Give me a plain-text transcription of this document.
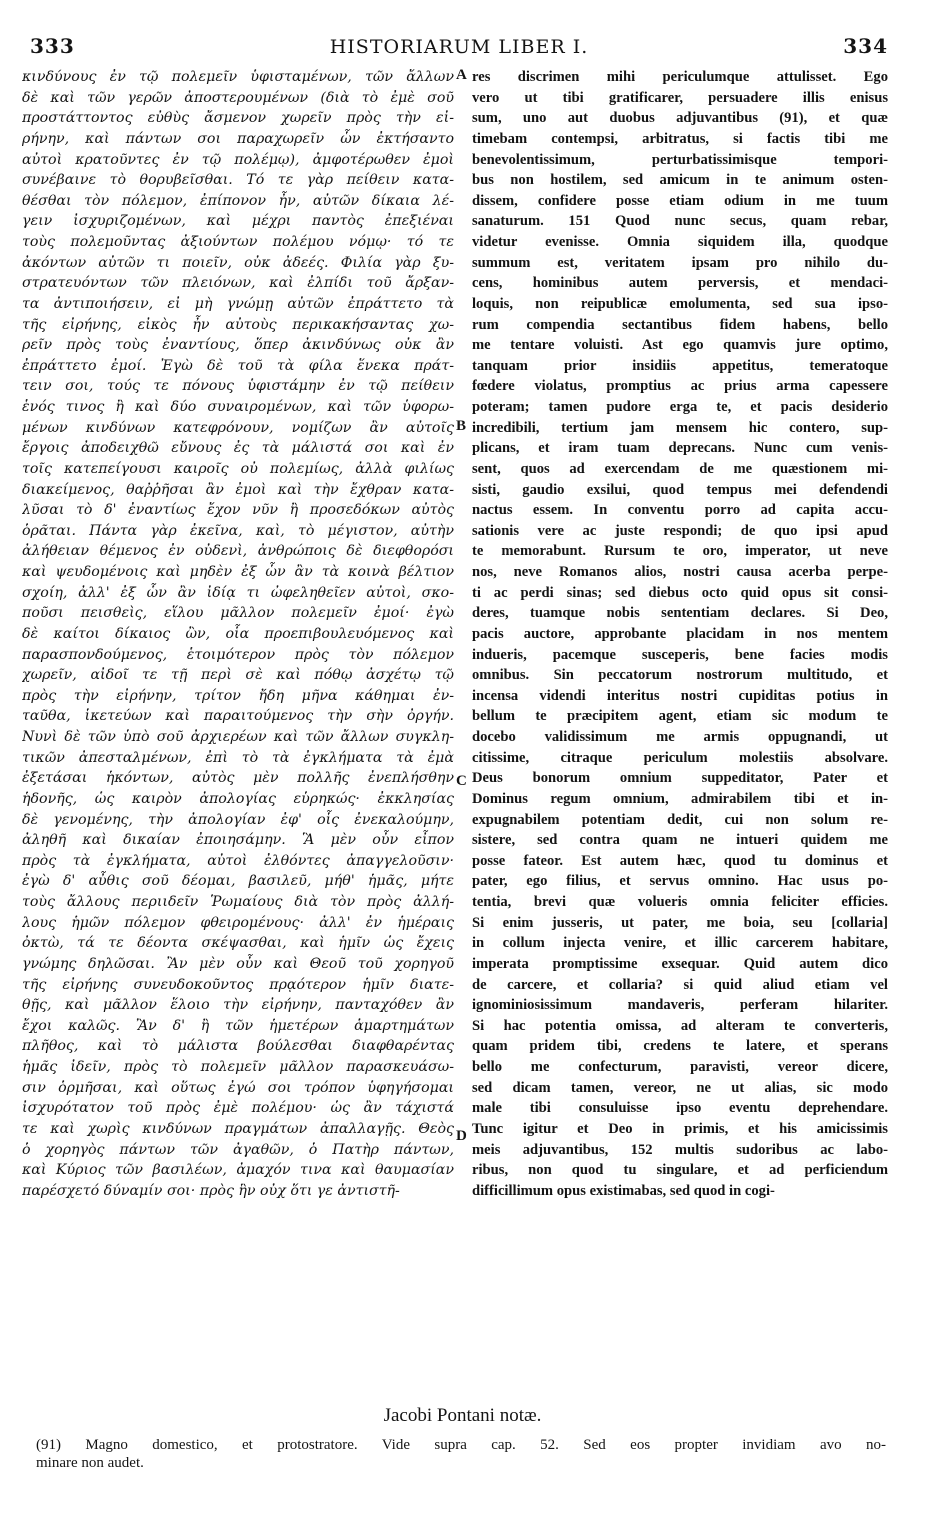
333	HISTORIARUM LIBER I.	334
κινδύνους ἐν τῷ πολεμεῖν ὑφισταμένων, τῶν ἄλλων
δὲ καὶ τῶν γερῶν ἀποστερουμένων (διὰ τὸ ἐμὲ σοῦ
προστάττοντος εὐθὺς ἄσμενον χωρεῖν πρὸς τὴν εἰ-
ρήνην, καὶ πάντων σοι παραχωρεῖν ὧν ἐκτήσαντο
αὐτοὶ κρατοῦντες ἐν τῷ πολέμῳ), ἀμφοτέρωθεν ἐμοὶ
συνέβαινε τὸ θορυβεῖσθαι. Τό τε γὰρ πείθειν κατα-
θέσθαι τὸν πόλεμον, ἐπίπονον ἦν, αὐτῶν δίκαια λέ-
γειν ἰσχυριζομένων, καὶ μέχρι παντὸς ἐπεξιέναι
τοὺς πολεμοῦντας ἀξιούντων πολέμου νόμῳ· τό τε
ἀκόντων αὐτῶν τι ποιεῖν, οὐκ ἀδεές. Φιλία γὰρ ξυ-
στρατευόντων τῶν πλειόνων, καὶ ἐλπίδι τοῦ ἄρξαν-
τα ἀντιποιήσειν, εἰ μὴ γνώμῃ αὐτῶν ἐπράττετο τὰ
τῆς εἰρήνης, εἰκὸς ἦν αὐτοὺς περικακήσαντας χω-
ρεῖν πρὸς τοὺς ἐναντίους, ὅπερ ἀκινδύνως οὐκ ἂν
ἐπράττετο ἐμοί. Ἐγὼ δὲ τοῦ τὰ φίλα ἕνεκα πράτ-
τειν σοι, τούς τε πόνους ὑφιστάμην ἐν τῷ πείθειν
ἑνός τινος ἢ καὶ δύο συναιρομένων, καὶ τῶν ὑφορω-
μένων κινδύνων κατεφρόνουν, νομίζων ἂν αὐτοῖς
ἔργοις ἀποδειχθῶ εὔνους ἐς τὰ μάλιστά σοι καὶ ἐν
τοῖς κατεπείγουσι καιροῖς οὐ πολεμίως, ἀλλὰ φιλίως
διακείμενος, θαῤῥῆσαι ἂν ἐμοὶ καὶ τὴν ἔχθραν κατα-
λῦσαι τὸ δ' ἐναντίως ἔχον νῦν ἢ προσεδόκων αὐτὸς
ὁρᾶται. Πάντα γὰρ ἐκεῖνα, καὶ, τὸ μέγιστον, αὐτὴν
ἀλήθειαν θέμενος ἐν οὐδενὶ, ἀνθρώποις δὲ διεφθορόσι
καὶ ψευδομένοις καὶ μηδὲν ἐξ ὧν ἂν τὰ κοινὰ βέλτιον
σχοίη, ἀλλ' ἐξ ὧν ἂν ἰδίᾳ τι ὠφεληθεῖεν αὐτοὶ, σκο-
ποῦσι πεισθεὶς, εἵλου μᾶλλον πολεμεῖν ἐμοί· ἐγὼ
δὲ καίτοι δίκαιος ὢν, οἷα προεπιβουλευόμενος καὶ
παρασπονδούμενος, ἑτοιμότερον πρὸς τὸν πόλεμον
χωρεῖν, αἰδοῖ τε τῇ περὶ σὲ καὶ πόθῳ ἀσχέτῳ τῷ
πρὸς τὴν εἰρήνην, τρίτον ἤδη μῆνα κάθημαι ἐν-
ταῦθα, ἱκετεύων καὶ παραιτούμενος τὴν σὴν ὀργήν.
Νυνὶ δὲ τῶν ὑπὸ σοῦ ἀρχιερέων καὶ τῶν ἄλλων συγκλη-
τικῶν ἀπεσταλμένων, ἐπὶ τὸ τὰ ἐγκλήματα τὰ ἐμὰ
ἐξετάσαι ἡκόντων, αὐτὸς μὲν πολλῆς ἐνεπλήσθην
ἡδονῆς, ὡς καιρὸν ἀπολογίας εὑρηκώς· ἐκκλησίας
δὲ γενομένης, τὴν ἀπολογίαν ἐφ' οἷς ἐνεκαλούμην,
ἀληθῆ καὶ δικαίαν ἐποιησάμην. Ἃ μὲν οὖν εἶπον
πρὸς τὰ ἐγκλήματα, αὐτοὶ ἐλθόντες ἀπαγγελοῦσιν·
ἐγὼ δ' αὖθις σοῦ δέομαι, βασιλεῦ, μήθ' ἡμᾶς, μήτε
τοὺς ἄλλους περιιδεῖν Ῥωμαίους διὰ τὸν πρὸς ἀλλή-
λους ἡμῶν πόλεμον φθειρομένους· ἀλλ' ἐν ἡμέραις
ὀκτὼ, τά τε δέοντα σκέψασθαι, καὶ ἡμῖν ὡς ἔχεις
γνώμης δηλῶσαι. Ἂν μὲν οὖν καὶ Θεοῦ τοῦ χορηγοῦ
τῆς εἰρήνης συνευδοκοῦντος πρᾳότερον ἡμῖν διατε-
θῇς, καὶ μᾶλλον ἕλοιο τὴν εἰρήνην, πανταχόθεν ἂν
ἔχοι καλῶς. Ἂν δ' ἢ τῶν ἡμετέρων ἁμαρτημάτων
πλῆθος, καὶ τὸ μάλιστα βούλεσθαι διαφθαρέντας
ἡμᾶς ἰδεῖν, πρὸς τὸ πολεμεῖν μᾶλλον παρασκευάσω-
σιν ὁρμῆσαι, καὶ οὕτως ἐγώ σοι τρόπον ὑφηγήσομαι
ἰσχυρότατον τοῦ πρὸς ἐμὲ πολέμου· ὡς ἂν τάχιστά
τε καὶ χωρὶς κινδύνων πραγμάτων ἀπαλλαγῇς. Θεὸς
ὁ χορηγὸς πάντων τῶν ἀγαθῶν, ὁ Πατὴρ πάντων,
καὶ Κύριος τῶν βασιλέων, ἀμαχόν τινα καὶ θαυμασίαν
παρέσχετό δύναμίν σοι· πρὸς ἣν οὐχ ὅτι γε ἀντιστῆ-
res discrimen mihi periculumque attulisset. Ego
vero ut tibi gratificarer, persuadere illis enisus
sum, uno aut duobus adjuvantibus (91), et quæ
timebam contempsi, arbitratus, si factis tibi me
benevolentissimum, perturbatissimisque tempori-
bus non hostilem, sed amicum in te animum osten-
dissem, confidere posse etiam odium in me tuum
sanaturum. 151 Quod nunc secus, quam rebar,
videtur evenisse. Omnia siquidem illa, quodque
summum est, veritatem ipsam pro nihilo du-
cens, hominibus autem perversis, et mendaci-
loquis, non reipublicæ emolumenta, sed sua ipso-
rum compendia sectantibus fidem habens, bello
me tentare voluisti. Ast ego quamvis jure optimo,
tanquam prior insidiis appetitus, temeratoque
fœdere violatus, promptius ac prius arma capessere
poteram; tamen pudore erga te, et pacis desiderio
incredibili, tertium jam mensem hic contero, sup-
plicans, et iram tuam deprecans. Nunc cum venis-
sent, quos ad exercendam de me quæstionem mi-
sisti, gaudio exsilui, quod tempus mei defendendi
nactus essem. In conventu porro ad capita accu-
sationis vere ac juste respondi; de quo ipsi apud
te memorabunt. Rursum te oro, imperator, ut neve
nos, neve Romanos alios, nostri causa acerba perpe-
ti ac perdi sinas; sed diebus octo quid opus sit consi-
deres, tuamque nobis sententiam declares. Si Deo,
pacis auctore, approbante placidam in nos mentem
indueris, pacemque susceperis, bene facies modis
omnibus. Sin peccatorum nostrorum multitudo, et
incensa videndi interitus nostri cupiditas potius in
bellum te præcipitem agent, etiam sic modum te
docebo validissimum me armis oppugnandi, ut
citissime, citraque periculum molestiis absolvare.
Deus bonorum omnium suppeditator, Pater et
Dominus regum omnium, admirabilem tibi et in-
expugnabilem potentiam dedit, cui non solum re-
sistere, sed contra quam ne intueri quidem me
posse fateor. Est autem hæc, quod tu dominus et
pater, ego filius, et servus omnino. Hac usus po-
tentia, brevi quæ volueris omnia feliciter efficies.
Si enim jusseris, ut pater, me boia, seu [collaria]
in collum injecta venire, et illic carcerem habitare,
imperata promptissime exsequar. Quid autem dico
de carcere, et collaria? si quid aliud etiam vel
ignominiosissimum mandaveris, perferam hilariter.
Si hac potentia omissa, ad alteram te converteris,
quam pridem tibi, credens te latere, et sperans
bello me confecturum, paravisti, vereor dicere,
sed dicam tamen, vereor, ne ut alias, sic modo
male tibi consuluisse ipso eventu deprehendare.
Tunc igitur et Deo in primis, et his amicissimis
meis adjuvantibus, 152 multis sudoribus ac labo-
ribus, non quod tu singulare, et ad perficiendum
difficillimum opus existimabas, sed quod in cogi-
A
B
C
D
Jacobi Pontani notæ.
(91) Magno domestico, et protostratore. Vide supra cap. 52. Sed eos propter invidiam avo no-
minare non audet.
